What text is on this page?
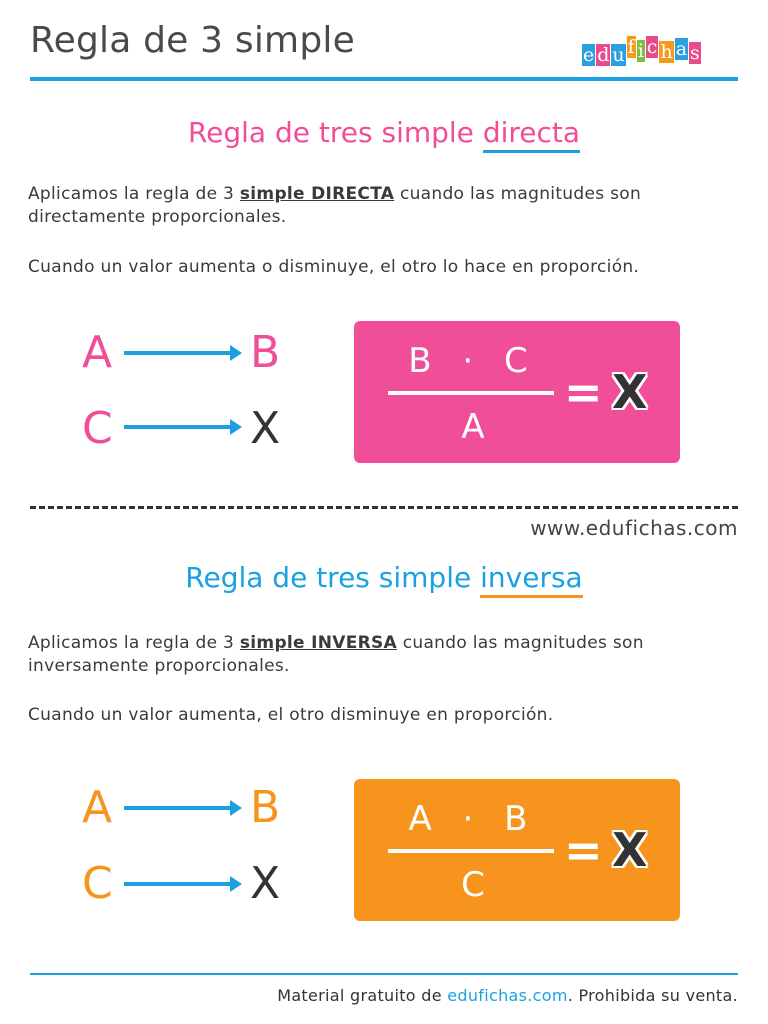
Regla de 3 simple	e d u f i c h a s
Regla de tres simple directa
Aplicamos la regla de 3 simple DIRECTA cuando las magnitudes son directamente proporcionales.
Cuando un valor aumenta o disminuye, el otro lo hace en proporción.
A	B
C	X
B · C
A
= X
www.edufichas.com
Regla de tres simple inversa
Aplicamos la regla de 3 simple INVERSA cuando las magnitudes son inversamente proporcionales.
Cuando un valor aumenta, el otro disminuye en proporción.
A	B
C	X
A · B
C
= X
Material gratuito de edufichas.com. Prohibida su venta.
